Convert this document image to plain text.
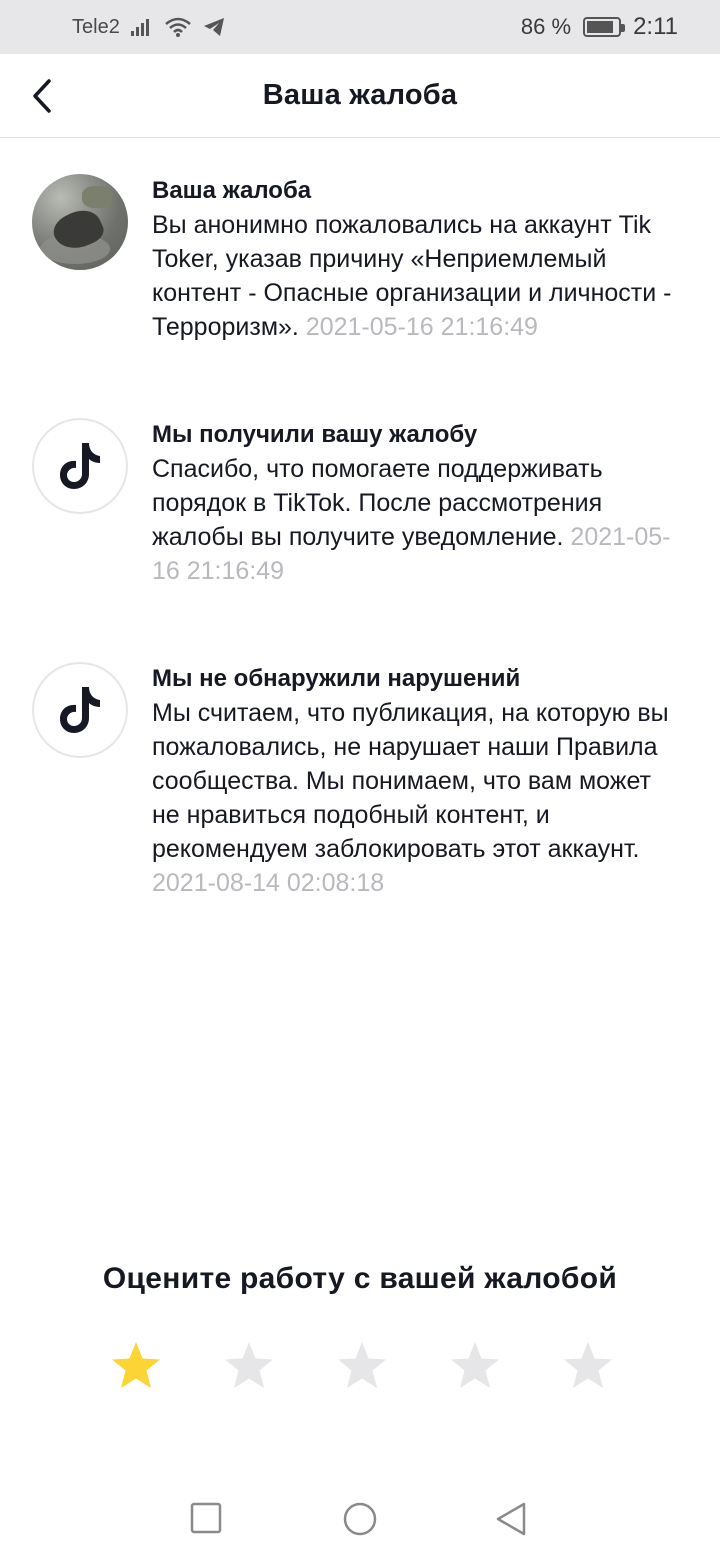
Tele2	86 %	2:11
Ваша жалоба
Ваша жалоба
Вы анонимно пожаловались на аккаунт Tik Toker, указав причину «Неприемлемый контент - Опасные организации и личности - Терроризм». 2021-05-16 21:16:49
Мы получили вашу жалобу
Спасибо, что помогаете поддерживать порядок в TikTok. После рассмотрения жалобы вы получите уведомление. 2021-05-16 21:16:49
Мы не обнаружили нарушений
Мы считаем, что публикация, на которую вы пожаловались, не нарушает наши Правила сообщества. Мы понимаем, что вам может не нравиться подобный контент, и рекомендуем заблокировать этот аккаунт. 2021-08-14 02:08:18
Оцените работу с вашей жалобой
